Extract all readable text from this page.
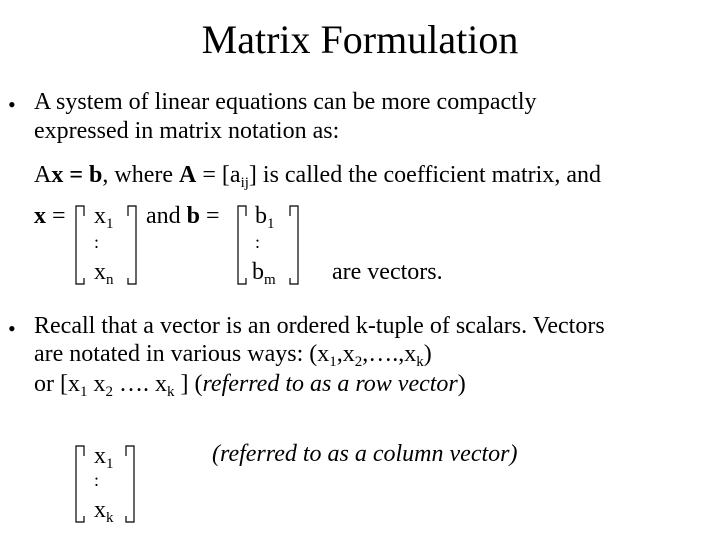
Matrix Formulation
• A system of linear equations can be more compactly
expressed in matrix notation as:
Ax = b, where $A = [a_{ij}]$ is called the coefficient matrix, and
$x = x_1$
:
$x_n$
and $b = b_1$
:
$b_m$ are vectors.
• Recall that a vector is an ordered k-tuple of scalars. Vectors
are notated in various ways: $(x_1,x_2,\dots.,x_k)$
or [$x_1$ $x_2$ …. $x_k$ ] (referred to as a row vector)
$x_1$
:
$x_k$
(referred to as a column vector)
